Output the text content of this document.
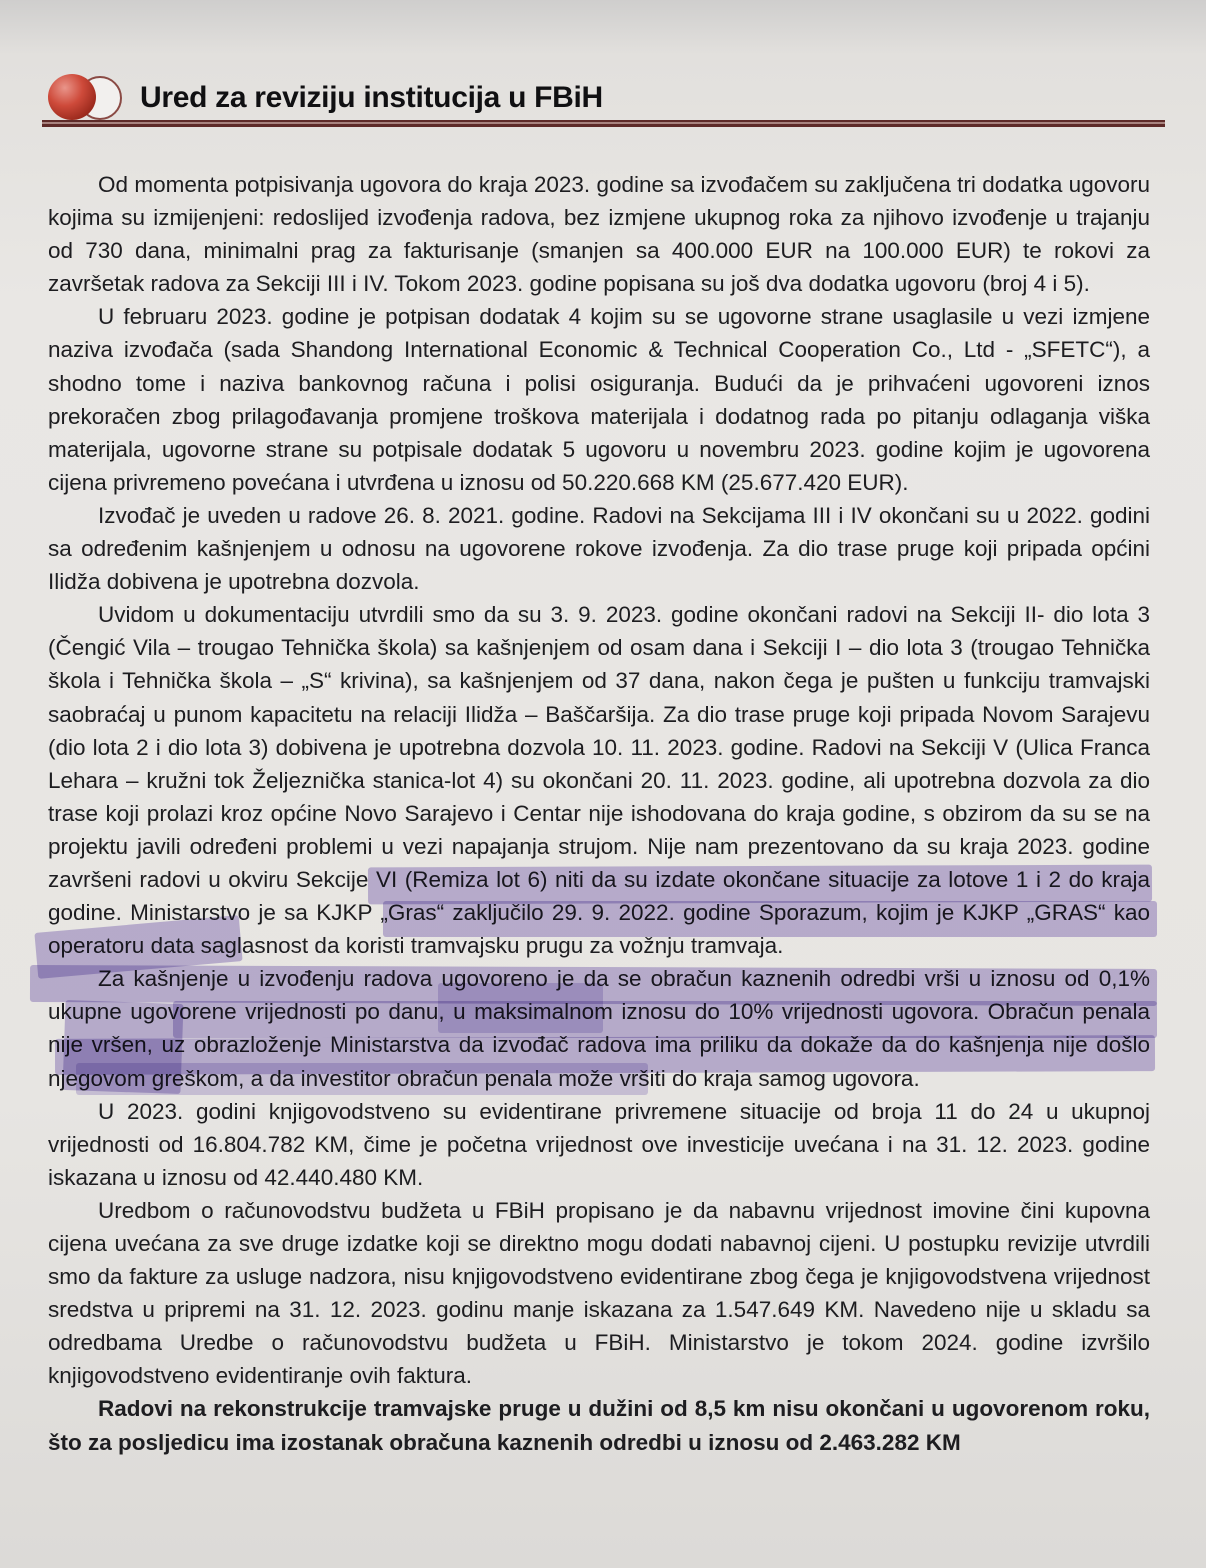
Ured za reviziju institucija u FBiH

Od momenta potpisivanja ugovora do kraja 2023. godine sa izvođačem su zaključena tri dodatka ugovoru kojima su izmijenjeni: redoslijed izvođenja radova, bez izmjene ukupnog roka za njihovo izvođenje u trajanju od 730 dana, minimalni prag za fakturisanje (smanjen sa 400.000 EUR na 100.000 EUR) te rokovi za završetak radova za Sekciji III i IV. Tokom 2023. godine popisana su još dva dodatka ugovoru (broj 4 i 5).

U februaru 2023. godine je potpisan dodatak 4 kojim su se ugovorne strane usaglasile u vezi izmjene naziva izvođača (sada Shandong International Economic & Technical Cooperation Co., Ltd - „SFETC“), a shodno tome i naziva bankovnog računa i polisi osiguranja. Budući da je prihvaćeni ugovoreni iznos prekoračen zbog prilagođavanja promjene troškova materijala i dodatnog rada po pitanju odlaganja viška materijala, ugovorne strane su potpisale dodatak 5 ugovoru u novembru 2023. godine kojim je ugovorena cijena privremeno povećana i utvrđena u iznosu od 50.220.668 KM (25.677.420 EUR).

Izvođač je uveden u radove 26. 8. 2021. godine. Radovi na Sekcijama III i IV okončani su u 2022. godini sa određenim kašnjenjem u odnosu na ugovorene rokove izvođenja. Za dio trase pruge koji pripada općini Ilidža dobivena je upotrebna dozvola.

Uvidom u dokumentaciju utvrdili smo da su 3. 9. 2023. godine okončani radovi na Sekciji II- dio lota 3 (Čengić Vila – trougao Tehnička škola) sa kašnjenjem od osam dana i Sekciji I – dio lota 3 (trougao Tehnička škola i Tehnička škola – „S“ krivina), sa kašnjenjem od 37 dana, nakon čega je pušten u funkciju tramvajski saobraćaj u punom kapacitetu na relaciji Ilidža – Baščaršija. Za dio trase pruge koji pripada Novom Sarajevu (dio lota 2 i dio lota 3) dobivena je upotrebna dozvola 10. 11. 2023. godine. Radovi na Sekciji V (Ulica Franca Lehara – kružni tok Željeznička stanica-lot 4) su okončani 20. 11. 2023. godine, ali upotrebna dozvola za dio trase koji prolazi kroz općine Novo Sarajevo i Centar nije ishodovana do kraja godine, s obzirom da su se na projektu javili određeni problemi u vezi napajanja strujom. Nije nam prezentovano da su kraja 2023. godine završeni radovi u okviru Sekcije VI (Remiza lot 6) niti da su izdate okončane situacije za lotove 1 i 2 do kraja godine. Ministarstvo je sa KJKP „Gras“ zaključilo 29. 9. 2022. godine Sporazum, kojim je KJKP „GRAS“ kao operatoru data saglasnost da koristi tramvajsku prugu za vožnju tramvaja.

Za kašnjenje u izvođenju radova ugovoreno je da se obračun kaznenih odredbi vrši u iznosu od 0,1% ukupne ugovorene vrijednosti po danu, u maksimalnom iznosu do 10% vrijednosti ugovora. Obračun penala nije vršen, uz obrazloženje Ministarstva da izvođač radova ima priliku da dokaže da do kašnjenja nije došlo njegovom greškom, a da investitor obračun penala može vršiti do kraja samog ugovora.

U 2023. godini knjigovodstveno su evidentirane privremene situacije od broja 11 do 24 u ukupnoj vrijednosti od 16.804.782 KM, čime je početna vrijednost ove investicije uvećana i na 31. 12. 2023. godine iskazana u iznosu od 42.440.480 KM.

Uredbom o računovodstvu budžeta u FBiH propisano je da nabavnu vrijednost imovine čini kupovna cijena uvećana za sve druge izdatke koji se direktno mogu dodati nabavnoj cijeni. U postupku revizije utvrdili smo da fakture za usluge nadzora, nisu knjigovodstveno evidentirane zbog čega je knjigovodstvena vrijednost sredstva u pripremi na 31. 12. 2023. godinu manje iskazana za 1.547.649 KM. Navedeno nije u skladu sa odredbama Uredbe o računovodstvu budžeta u FBiH. Ministarstvo je tokom 2024. godine izvršilo knjigovodstveno evidentiranje ovih faktura.

Radovi na rekonstrukcije tramvajske pruge u dužini od 8,5 km nisu okončani u ugovorenom roku, što za posljedicu ima izostanak obračuna kaznenih odredbi u iznosu od 2.463.282 KM
